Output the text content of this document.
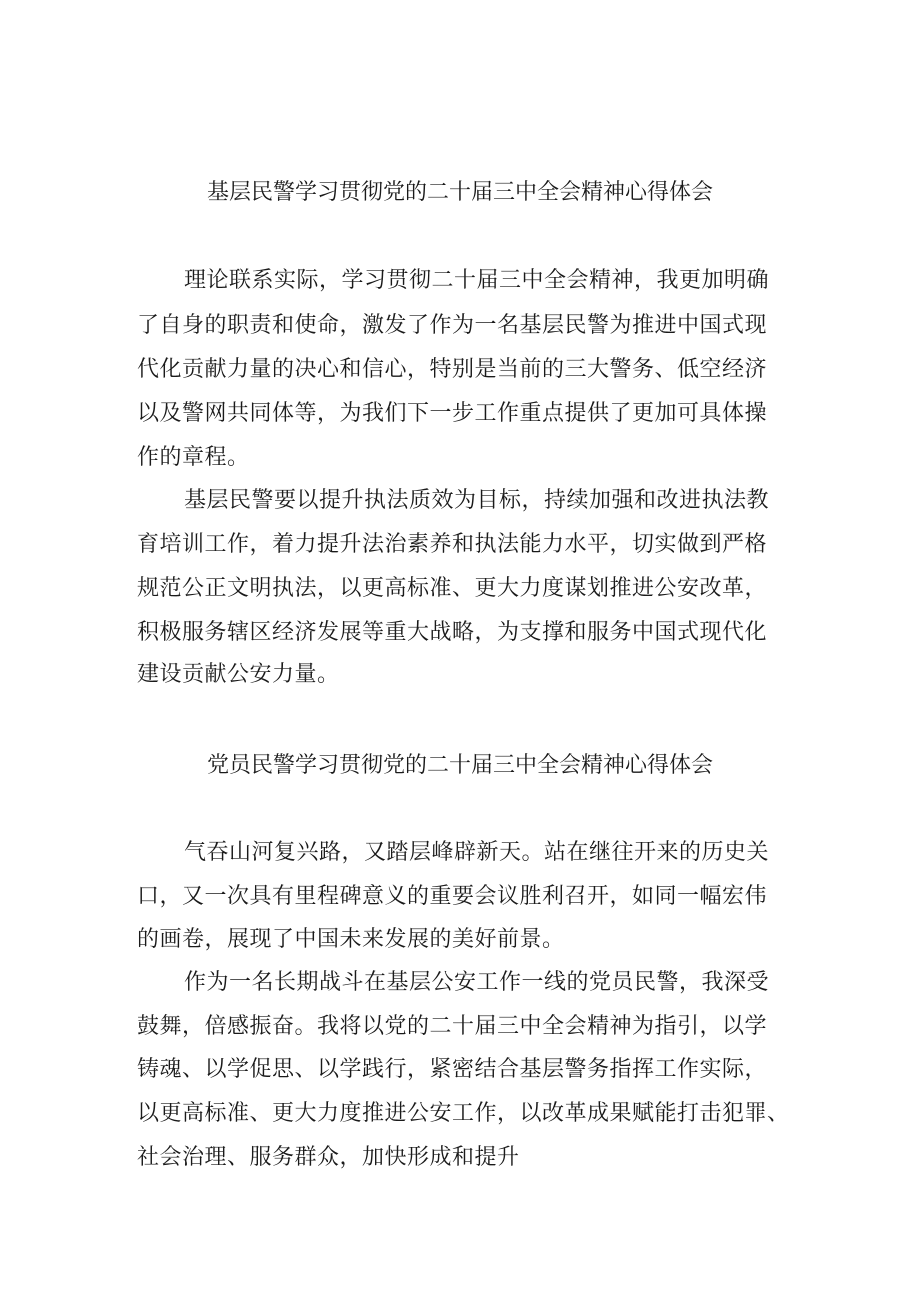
基层民警学习贯彻党的二十届三中全会精神心得体会
理论联系实际，学习贯彻二十届三中全会精神，我更加明确
了自身的职责和使命，激发了作为一名基层民警为推进中国式现
代化贡献力量的决心和信心，特别是当前的三大警务、低空经济
以及警网共同体等，为我们下一步工作重点提供了更加可具体操
作的章程。
基层民警要以提升执法质效为目标，持续加强和改进执法教
育培训工作，着力提升法治素养和执法能力水平，切实做到严格
规范公正文明执法，以更高标准、更大力度谋划推进公安改革，
积极服务辖区经济发展等重大战略，为支撑和服务中国式现代化
建设贡献公安力量。
党员民警学习贯彻党的二十届三中全会精神心得体会
气吞山河复兴路，又踏层峰辟新天。站在继往开来的历史关
口，又一次具有里程碑意义的重要会议胜利召开，如同一幅宏伟
的画卷，展现了中国未来发展的美好前景。
作为一名长期战斗在基层公安工作一线的党员民警，我深受
鼓舞，倍感振奋。我将以党的二十届三中全会精神为指引，以学
铸魂、以学促思、以学践行，紧密结合基层警务指挥工作实际，
以更高标准、更大力度推进公安工作，以改革成果赋能打击犯罪、
社会治理、服务群众，加快形成和提升
